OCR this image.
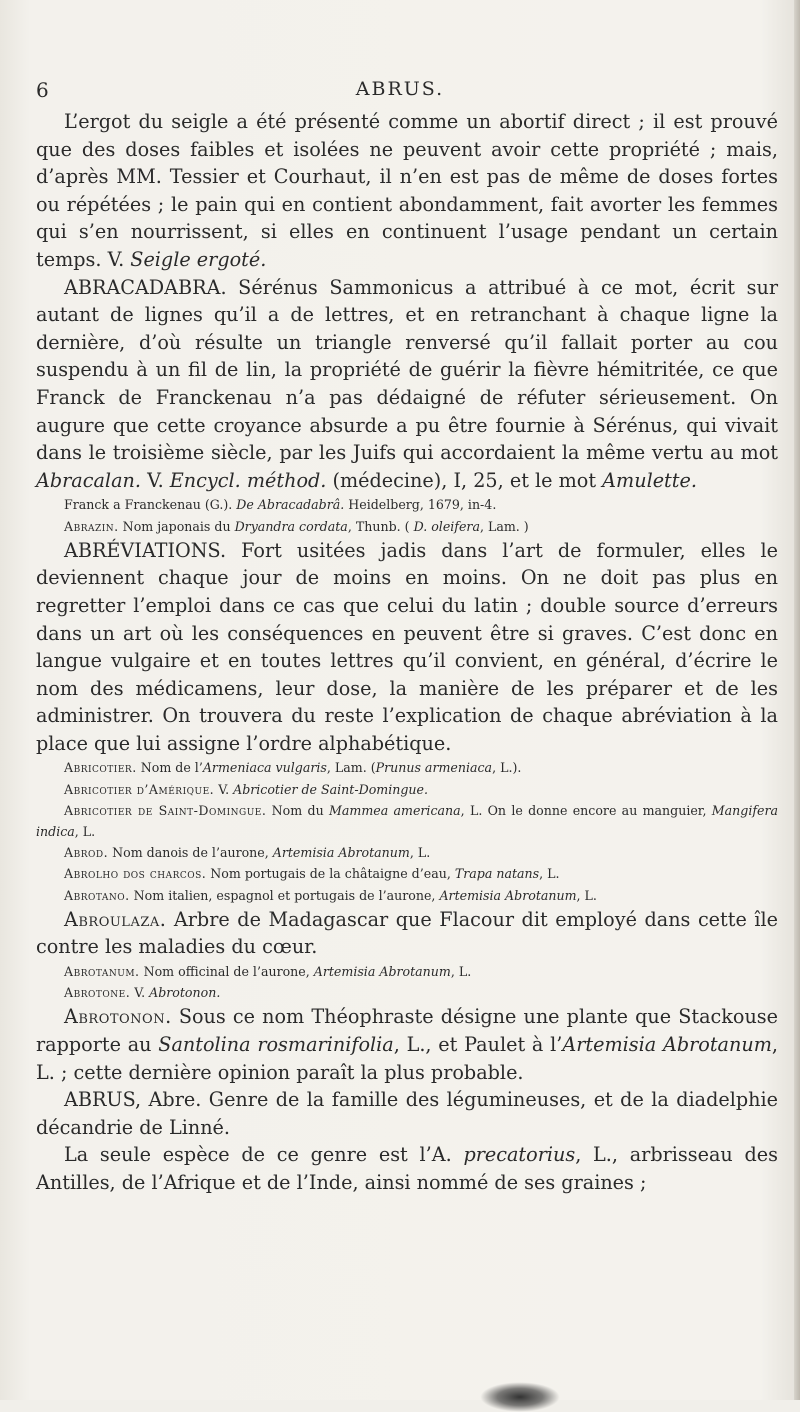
6	ABRUS.

L’ergot du seigle a été présenté comme un abortif direct ; il est prouvé que des doses faibles et isolées ne peuvent avoir cette propriété ; mais, d’après MM. Tessier et Courhaut, il n’en est pas de même de doses fortes ou répétées ; le pain qui en contient abondamment, fait avorter les femmes qui s’en nourrissent, si elles en continuent l’usage pendant un certain temps. V. Seigle ergoté.

ABRACADABRA. Sérénus Sammonicus a attribué à ce mot, écrit sur autant de lignes qu’il a de lettres, et en retranchant à chaque ligne la dernière, d’où résulte un triangle renversé qu’il fallait porter au cou suspendu à un fil de lin, la propriété de guérir la fièvre hémitritée, ce que Franck de Franckenau n’a pas dédaigné de réfuter sérieusement. On augure que cette croyance absurde a pu être fournie à Sérénus, qui vivait dans le troisième siècle, par les Juifs qui accordaient la même vertu au mot Abracalan. V. Encycl. méthod. (médecine), I, 25, et le mot Amulette.

Franck a Franckenau (G.). De Abracadabrâ. Heidelberg, 1679, in-4.

Abrazin. Nom japonais du Dryandra cordata, Thunb. ( D. oleifera, Lam. )

ABRÉVIATIONS. Fort usitées jadis dans l’art de formuler, elles le deviennent chaque jour de moins en moins. On ne doit pas plus en regretter l’emploi dans ce cas que celui du latin ; double source d’erreurs dans un art où les conséquences en peuvent être si graves. C’est donc en langue vulgaire et en toutes lettres qu’il convient, en général, d’écrire le nom des médicamens, leur dose, la manière de les préparer et de les administrer. On trouvera du reste l’explication de chaque abréviation à la place que lui assigne l’ordre alphabétique.

Abricotier. Nom de l’Armeniaca vulgaris, Lam. (Prunus armeniaca, L.).

Abricotier d’Amérique. V. Abricotier de Saint-Domingue.

Abricotier de Saint-Domingue. Nom du Mammea americana, L. On le donne encore au manguier, Mangifera indica, L.

Abrod. Nom danois de l’aurone, Artemisia Abrotanum, L.

Abrolho dos charcos. Nom portugais de la châtaigne d’eau, Trapa natans, L.

Abrotano. Nom italien, espagnol et portugais de l’aurone, Artemisia Abrotanum, L.

Abroulaza. Arbre de Madagascar que Flacour dit employé dans cette île contre les maladies du cœur.

Abrotanum. Nom officinal de l’aurone, Artemisia Abrotanum, L.

Abrotone. V. Abrotonon.

Abrotonon. Sous ce nom Théophraste désigne une plante que Stackouse rapporte au Santolina rosmarinifolia, L., et Paulet à l’Artemisia Abrotanum, L. ; cette dernière opinion paraît la plus probable.

ABRUS, Abre. Genre de la famille des légumineuses, et de la diadelphie décandrie de Linné.

La seule espèce de ce genre est l’A. precatorius, L., arbrisseau des Antilles, de l’Afrique et de l’Inde, ainsi nommé de ses graines ;
